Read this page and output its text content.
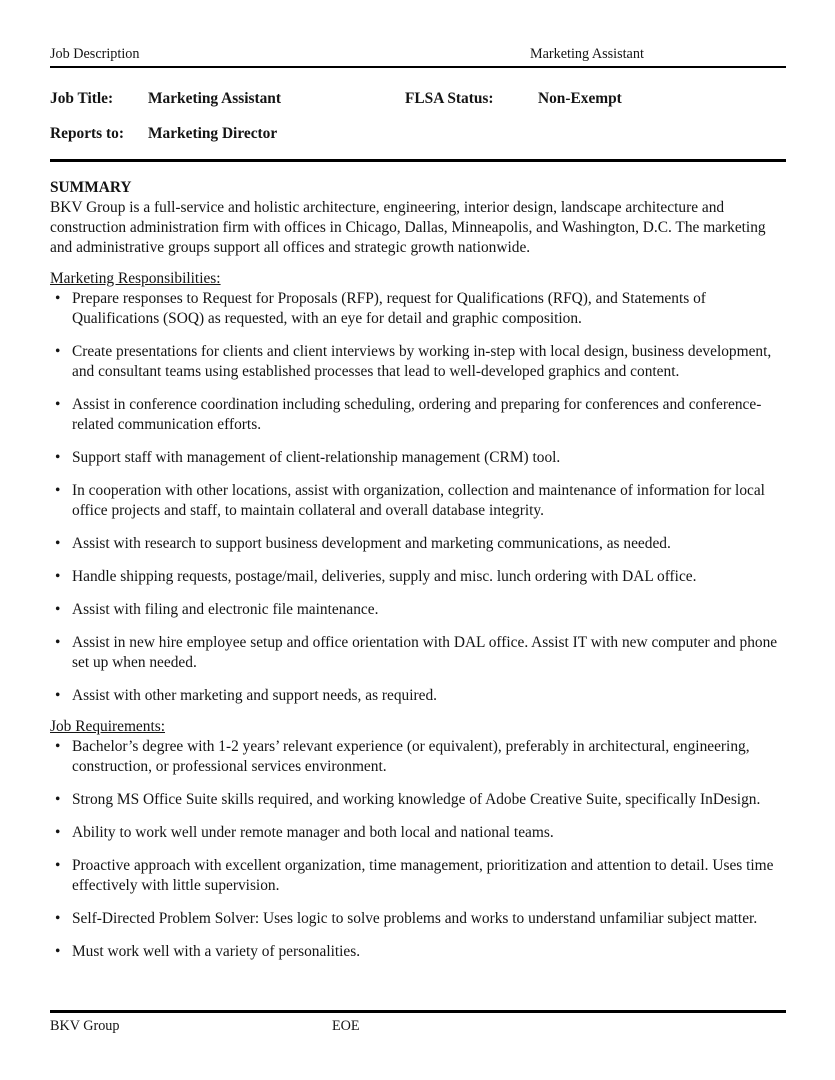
Job Description	Marketing Assistant
Job Title: Marketing Assistant	FLSA Status:	Non-Exempt
Reports to: Marketing Director
SUMMARY

BKV Group is a full-service and holistic architecture, engineering, interior design, landscape architecture and construction administration firm with offices in Chicago, Dallas, Minneapolis, and Washington, D.C. The marketing and administrative groups support all offices and strategic growth nationwide.

Marketing Responsibilities:
• Prepare responses to Request for Proposals (RFP), request for Qualifications (RFQ), and Statements of Qualifications (SOQ) as requested, with an eye for detail and graphic composition.
• Create presentations for clients and client interviews by working in-step with local design, business development, and consultant teams using established processes that lead to well-developed graphics and content.
• Assist in conference coordination including scheduling, ordering and preparing for conferences and conference-related communication efforts.
• Support staff with management of client-relationship management (CRM) tool.
• In cooperation with other locations, assist with organization, collection and maintenance of information for local office projects and staff, to maintain collateral and overall database integrity.
• Assist with research to support business development and marketing communications, as needed.
• Handle shipping requests, postage/mail, deliveries, supply and misc. lunch ordering with DAL office.
• Assist with filing and electronic file maintenance.
• Assist in new hire employee setup and office orientation with DAL office. Assist IT with new computer and phone set up when needed.
• Assist with other marketing and support needs, as required.
Job Requirements:
• Bachelor’s degree with 1-2 years’ relevant experience (or equivalent), preferably in architectural, engineering, construction, or professional services environment.
• Strong MS Office Suite skills required, and working knowledge of Adobe Creative Suite, specifically InDesign.
• Ability to work well under remote manager and both local and national teams.
• Proactive approach with excellent organization, time management, prioritization and attention to detail. Uses time effectively with little supervision.
• Self-Directed Problem Solver: Uses logic to solve problems and works to understand unfamiliar subject matter.
• Must work well with a variety of personalities.
BKV Group	EOE
